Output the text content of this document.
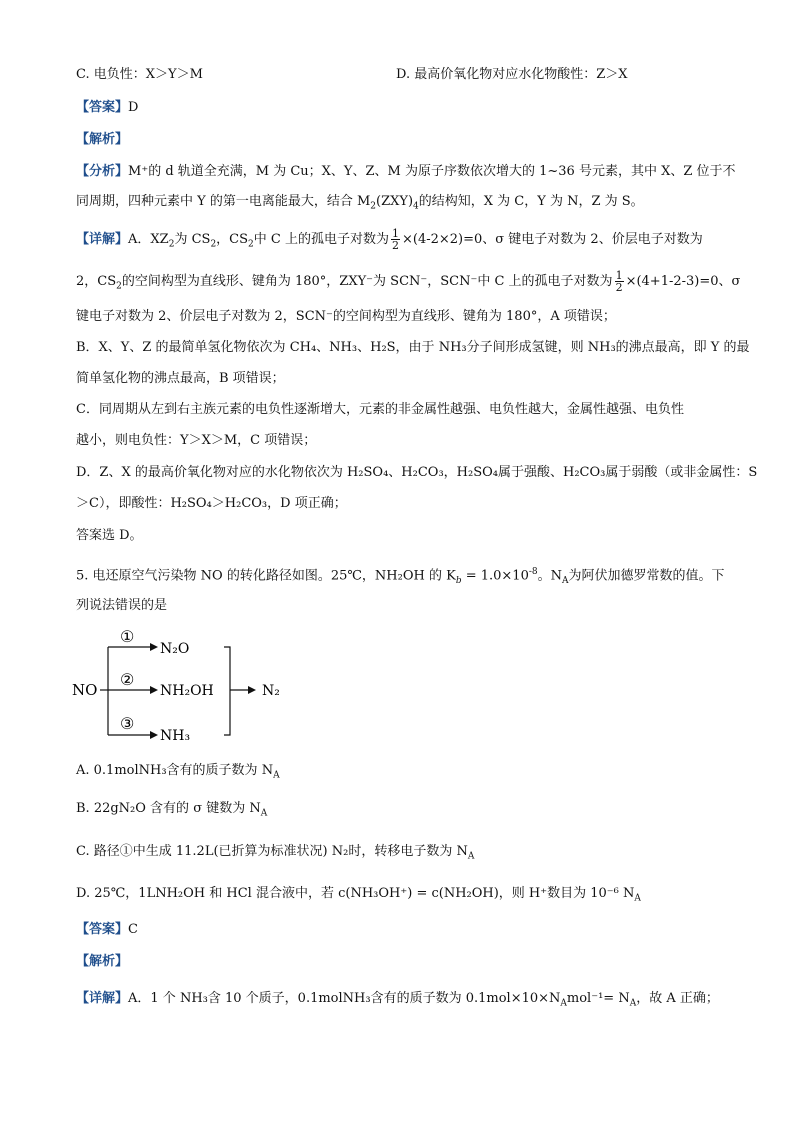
C. 电负性：X＞Y＞M	D. 最高价氧化物对应水化物酸性：Z＞X
【答案】D
【解析】
【分析】M⁺的 d 轨道全充满，M 为 Cu；X、Y、Z、M 为原子序数依次增大的 1~36 号元素，其中 X、Z 位于不
同周期，四种元素中 Y 的第一电离能最大，结合 $M_2(ZXY)_4$的结构知，X 为 C，Y 为 N，Z 为 S。
【详解】A．$XZ_2$为 $CS_2$，$CS_2$中 C 上的孤电子对数为 $\frac{1}{2} \times(4-2\times 2)=0$、σ 键电子对数为 2、价层电子对数为
2，$CS_2$的空间构型为直线形、键角为 180°，ZXY⁻为 SCN⁻，SCN⁻中 C 上的孤电子对数为 $\frac{1}{2} \times(4+1-2-3)=0$、σ
键电子对数为 2、价层电子对数为 2，SCN⁻的空间构型为直线形、键角为 180°，A 项错误；
B．X、Y、Z 的最简单氢化物依次为 CH₄、NH₃、H₂S，由于 NH₃分子间形成氢键，则 NH₃的沸点最高，即 Y 的最
简单氢化物的沸点最高，B 项错误；
C．同周期从左到右主族元素的电负性逐渐增大，元素的非金属性越强、电负性越大，金属性越强、电负性
越小，则电负性：Y＞X＞M，C 项错误；
D．Z、X 的最高价氧化物对应的水化物依次为 H₂SO₄、H₂CO₃，H₂SO₄属于强酸、H₂CO₃属于弱酸（或非金属性：S
＞C），即酸性：H₂SO₄＞H₂CO₃，D 项正确；
答案选 D。
5. 电还原空气污染物 NO 的转化路径如图。25℃，NH₂OH 的 $K_b = 1.0\times 10^{-8}$。$N_A$为阿伏加德罗常数的值。下
列说法错误的是
NO
①
N₂O
②
NH₂OH
③
NH₃
N₂
A. 0.1molNH₃含有的质子数为 $N_A$
B. 22gN₂O 含有的 σ 键数为 $N_A$
C. 路径①中生成 11.2L(已折算为标准状况) N₂时，转移电子数为 $N_A$
D. 25℃，1LNH₂OH 和 HCl 混合液中，若 c(NH₃OH⁺) = c(NH₂OH)，则 H⁺数目为 10⁻⁶ $N_A$
【答案】C
【解析】
【详解】A．1 个 NH₃含 10 个质子，0.1molNH₃含有的质子数为 $0.1mol\times 10\times N_Amol^{-1}= N_A$，故 A 正确；
